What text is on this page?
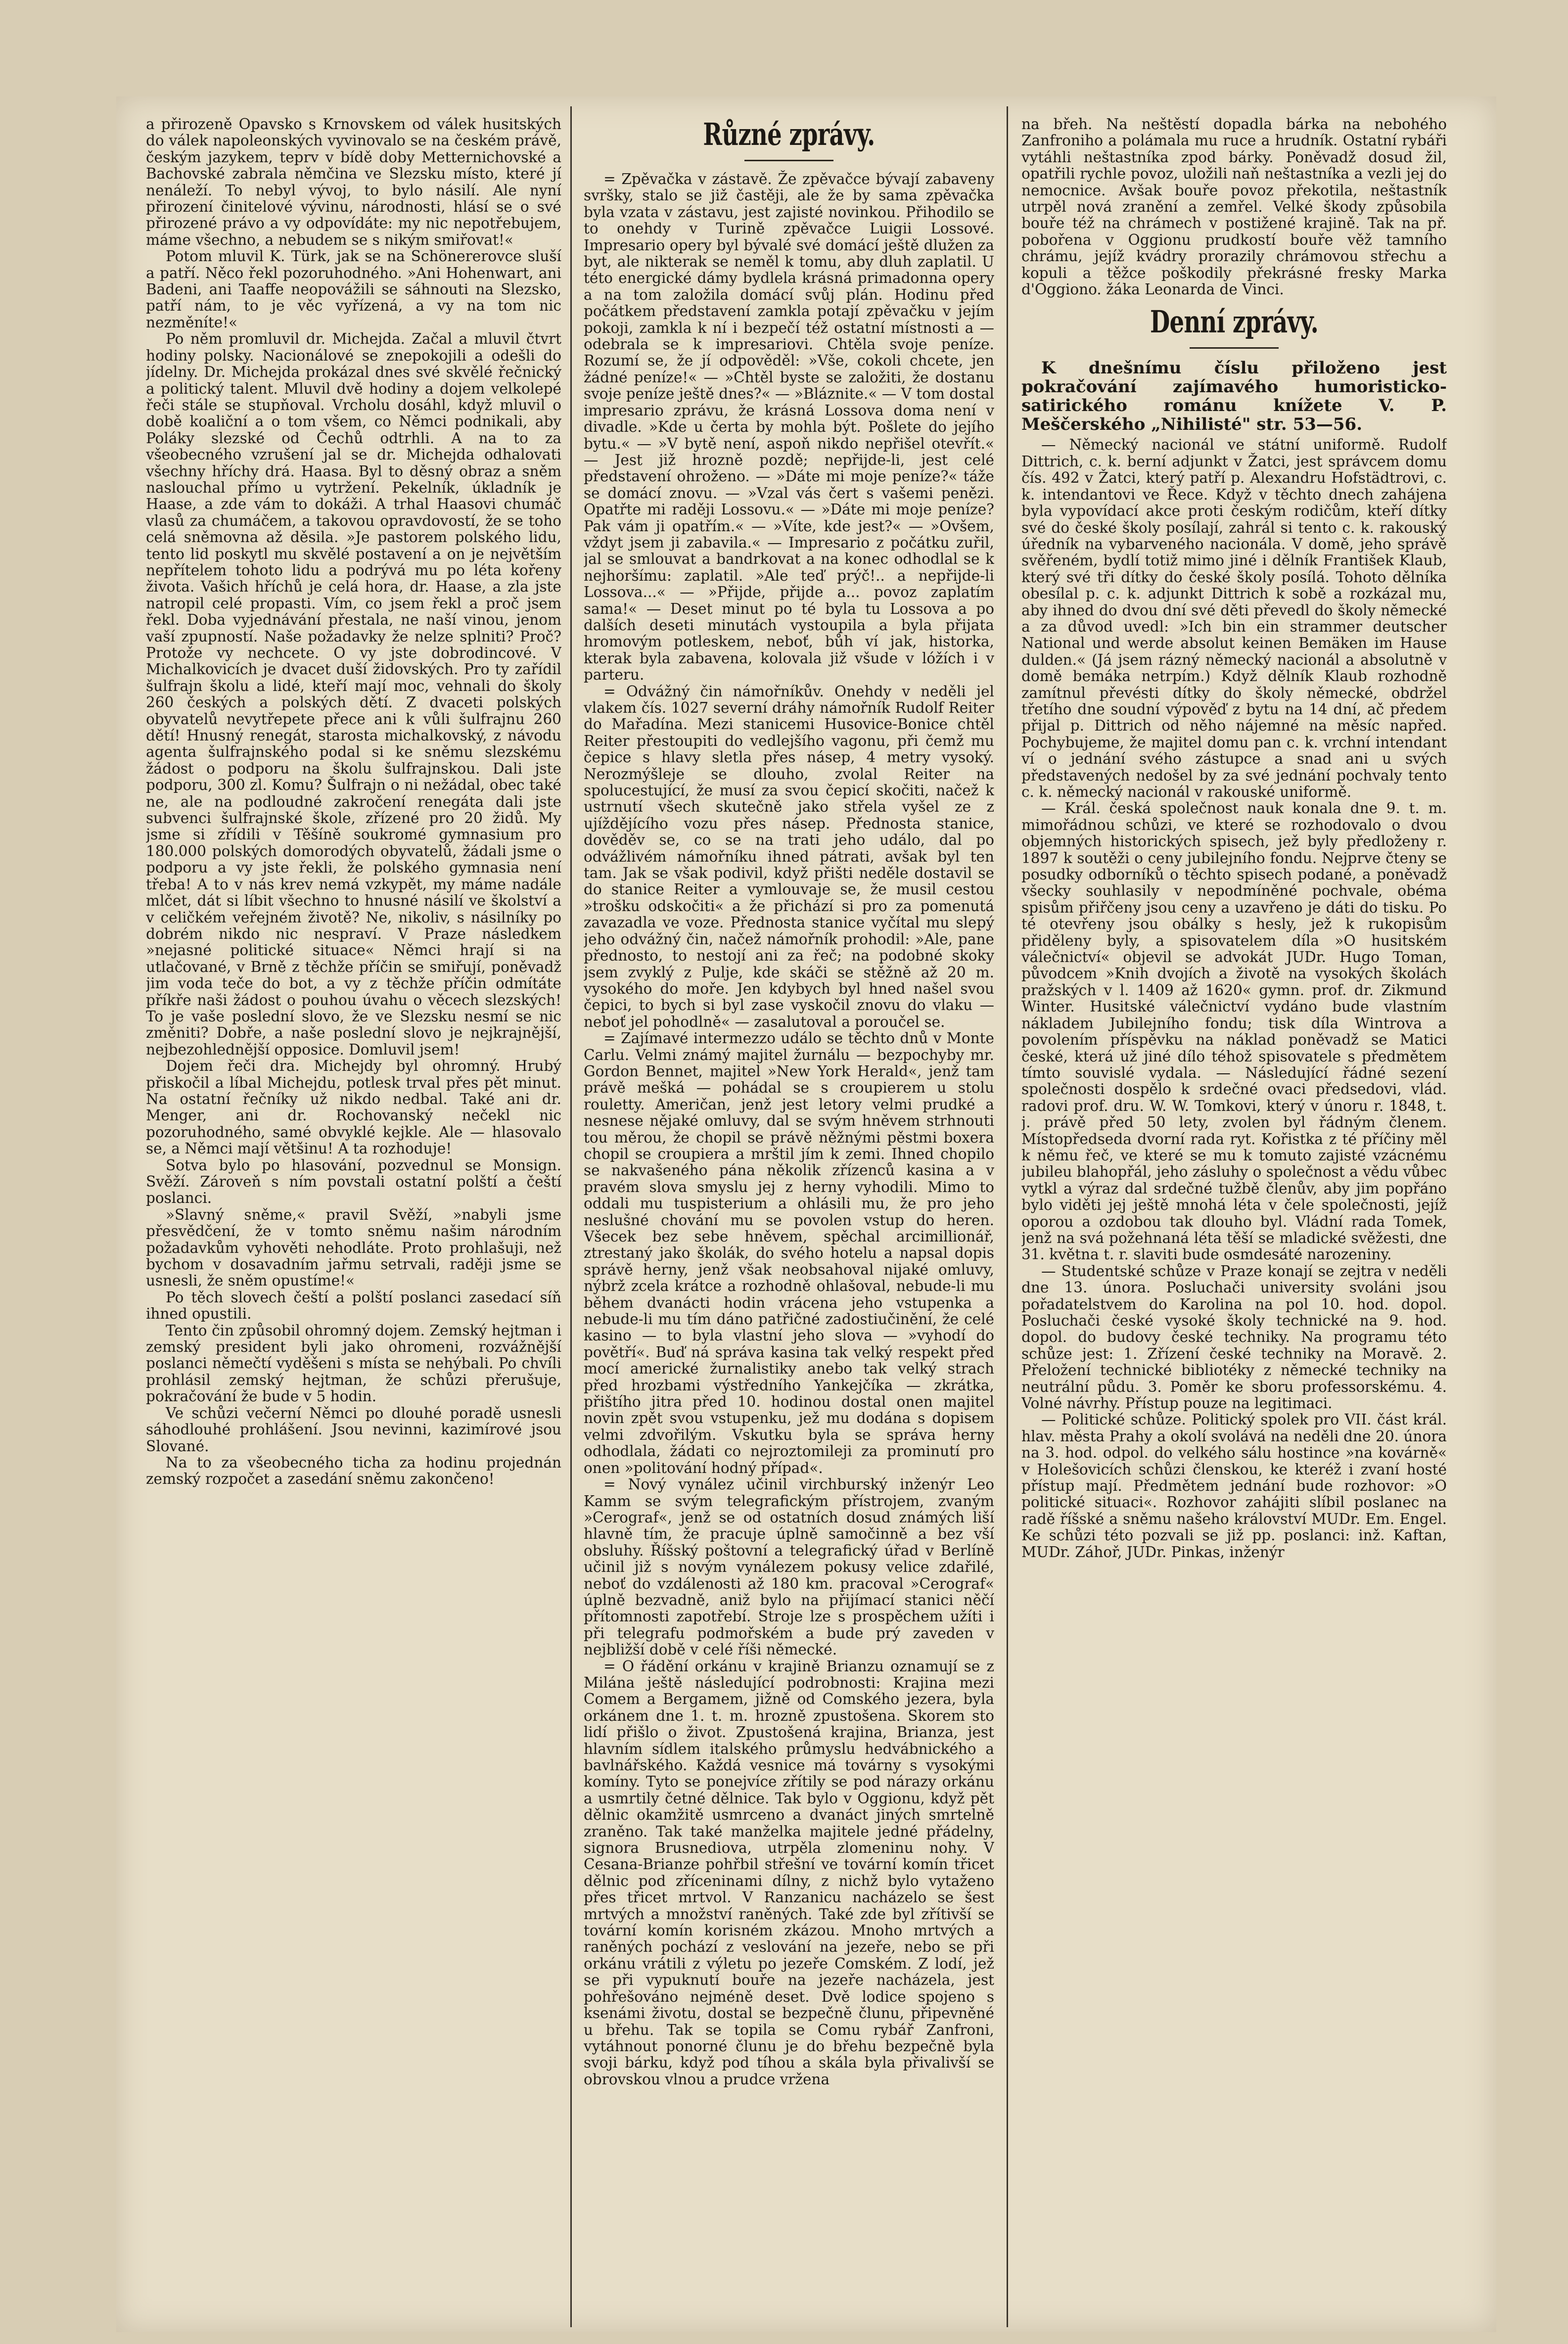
a přirozeně Opavsko s Krnovskem od válek husitských do válek napoleonských vyvinovalo se na českém právě, českým jazykem, teprv v bídě doby Metternichovské a Bachovské zabrala němčina ve Slezsku místo, které jí nenáleží. To nebyl vývoj, to bylo násilí. Ale nyní přirození činitelové vývinu, národnosti, hlásí se o své přirozené právo a vy odpovídáte: my nic nepotřebujem, máme všechno, a nebudem se s nikým smiřovat!«

Potom mluvil K. Türk, jak se na Schönererovce sluší a patří. Něco řekl pozoruhodného. »Ani Hohenwart, ani Badeni, ani Taaffe neopovážili se sáhnouti na Slezsko, patří nám, to je věc vyřízená, a vy na tom nic nezměníte!«

Po něm promluvil dr. Michejda. Začal a mluvil čtvrt hodiny polsky. Nacionálové se znepokojili a odešli do jídelny. Dr. Michejda prokázal dnes své skvělé řečnický a politický talent. Mluvil dvě hodiny a dojem velkolepé řeči stále se stupňoval. Vrcholu dosáhl, když mluvil o době koaliční a o tom všem, co Němci podnikali, aby Poláky slezské od Čechů odtrhli. A na to za všeobecného vzrušení jal se dr. Michejda odhalovati všechny hříchy drá. Haasa. Byl to děsný obraz a sněm naslouchal přímo u vytržení. Pekelník, úkladník je Haase, a zde vám to dokáži. A trhal Haasovi chumáč vlasů za chumáčem, a takovou opravdovostí, že se toho celá sněmovna až děsila. »Je pastorem polského lidu, tento lid poskytl mu skvělé postavení a on je největším nepřítelem tohoto lidu a podrývá mu po léta kořeny života. Vašich hříchů je celá hora, dr. Haase, a zla jste natropil celé propasti. Vím, co jsem řekl a proč jsem řekl. Doba vyjednávání přestala, ne naší vinou, jenom vaší zpupností. Naše požadavky že nelze splniti? Proč? Protože vy nechcete. O vy jste dobrodincové. V Michalkovicích je dvacet duší židovských. Pro ty zařídil šulfrajn školu a lidé, kteří mají moc, vehnali do školy 260 českých a polských dětí. Z dvaceti polských obyvatelů nevytřepete přece ani k vůli šulfrajnu 260 dětí! Hnusný renegát, starosta michalkovský, z návodu agenta šulfrajnského podal si ke sněmu slezskému žádost o podporu na školu šulfrajnskou. Dali jste podporu, 300 zl. Komu? Šulfrajn o ni nežádal, obec také ne, ale na podloudné zakročení renegáta dali jste subvenci šulfrajnské škole, zřízené pro 20 židů. My jsme si zřídili v Těšíně soukromé gymnasium pro 180.000 polských domorodých obyvatelů, žádali jsme o podporu a vy jste řekli, že polského gymnasia není třeba! A to v nás krev nemá vzkypět, my máme nadále mlčet, dát si líbit všechno to hnusné násilí ve školství a v celičkém veřejném životě? Ne, nikoliv, s násilníky po dobrém nikdo nic nespraví. V Praze následkem »nejasné politické situace« Němci hrají si na utlačované, v Brně z těchže příčin se smiřují, poněvadž jim voda teče do bot, a vy z těchže příčin odmítáte příkře naši žádost o pouhou úvahu o věcech slezských! To je vaše poslední slovo, že ve Slezsku nesmí se nic změniti? Dobře, a naše poslední slovo je nejkrajnější, nejbezohlednější opposice. Domluvil jsem!

Dojem řeči dra. Michejdy byl ohromný. Hrubý přiskočil a líbal Michejdu, potlesk trval přes pět minut. Na ostatní řečníky už nikdo nedbal. Také ani dr. Menger, ani dr. Rochovanský nečekl nic pozoruhodného, samé obvyklé kejkle. Ale — hlasovalo se, a Němci mají většinu! A ta rozhoduje!

Sotva bylo po hlasování, pozvednul se Monsign. Svěží. Zároveň s ním povstali ostatní polští a čeští poslanci.

»Slavný sněme,« pravil Svěží, »nabyli jsme přesvědčení, že v tomto sněmu našim národním požadavkům vyhověti nehodláte. Proto prohlašuji, než bychom v dosavadním jařmu setrvali, raději jsme se usnesli, že sněm opustíme!«

Po těch slovech čeští a polští poslanci zasedací síň ihned opustili.

Tento čin způsobil ohromný dojem. Zemský hejtman i zemský president byli jako ohromeni, rozvážnější poslanci němečtí vyděšeni s místa se nehýbali. Po chvíli prohlásil zemský hejtman, že schůzi přerušuje, pokračování že bude v 5 hodin.

Ve schůzi večerní Němci po dlouhé poradě usnesli sáhodlouhé prohlášení. Jsou nevinni, kazimírové jsou Slované.

Na to za všeobecného ticha za hodinu projednán zemský rozpočet a zasedání sněmu zakončeno!

Různé zprávy.

= Zpěvačka v zástavě. Že zpěvačce bývají zabaveny svršky, stalo se již častěji, ale že by sama zpěvačka byla vzata v zástavu, jest zajisté novinkou. Přihodilo se to onehdy v Turině zpěvačce Luigii Lossové. Impresario opery byl bývalé své domácí ještě dlužen za byt, ale nikterak se neměl k tomu, aby dluh zaplatil. U této energické dámy bydlela krásná primadonna opery a na tom založila domácí svůj plán. Hodinu před počátkem představení zamkla potají zpěvačku v jejím pokoji, zamkla k ní i bezpečí též ostatní místnosti a — odebrala se k impresariovi. Chtěla svoje peníze. Rozumí se, že jí odpověděl: »Vše, cokoli chcete, jen žádné peníze!« — »Chtěl byste se založiti, že dostanu svoje peníze ještě dnes?« — »Bláznite.« — V tom dostal impresario zprávu, že krásná Lossova doma není v divadle. »Kde u čerta by mohla být. Pošlete do jejího bytu.« — »V bytě není, aspoň nikdo nepřišel otevřít.« — Jest již hrozně pozdě; nepřijde-li, jest celé představení ohroženo. — »Dáte mi moje peníze?« táže se domácí znovu. — »Vzal vás čert s vašemi penězi. Opatřte mi raději Lossovu.« — »Dáte mi moje peníze? Pak vám ji opatřím.« — »Víte, kde jest?« — »Ovšem, vždyt jsem ji zabavila.« — Impresario z počátku zuřil, jal se smlouvat a bandrkovat a na konec odhodlal se k nejhoršímu: zaplatil. »Ale teď prýč!.. a nepřijde-li Lossova...« — »Přijde, přijde a... povoz zaplatím sama!« — Deset minut po té byla tu Lossova a po dalších deseti minutách vystoupila a byla přijata hromovým potleskem, neboť, bůh ví jak, historka, kterak byla zabavena, kolovala již všude v lóžích i v parteru.

= Odvážný čin námořníkův. Onehdy v neděli jel vlakem čís. 1027 severní dráhy námořník Rudolf Reiter do Mařadína. Mezi stanicemi Husovice-Bonice chtěl Reiter přestoupiti do vedlejšího vagonu, při čemž mu čepice s hlavy sletla přes násep, 4 metry vysoký. Nerozmýšleje se dlouho, zvolal Reiter na spolucestující, že musí za svou čepicí skočiti, načež k ustrnutí všech skutečně jako střela vyšel ze z ujíždějícího vozu přes násep. Přednosta stanice, dověděv se, co se na trati jeho událo, dal po odvážlivém námořníku ihned pátrati, avšak byl ten tam. Jak se však podivil, když přišti neděle dostavil se do stanice Reiter a vymlouvaje se, že musil cestou »trošku odskočiti« a že přichází si pro za pomenutá zavazadla ve voze. Přednosta stanice vyčítal mu slepý jeho odvážný čin, načež námořník prohodil: »Ale, pane přednosto, to nestojí ani za řeč; na podobné skoky jsem zvyklý z Pulje, kde skáči se stěžně až 20 m. vysokého do moře. Jen kdybych byl hned našel svou čepici, to bych si byl zase vyskočil znovu do vlaku — neboť jel pohodlně« — zasalutoval a poroučel se.

= Zajímavé intermezzo událo se těchto dnů v Monte Carlu. Velmi známý majitel žurnálu — bezpochyby mr. Gordon Bennet, majitel »New York Herald«, jenž tam právě mešká — pohádal se s croupierem u stolu rouletty. Američan, jenž jest letory velmi prudké a nesnese nějaké omluvy, dal se svým hněvem strhnouti tou měrou, že chopil se právě něžnými pěstmi boxera chopil se croupiera a mrštil jím k zemi. Ihned chopilo se nakvašeného pána několik zřízenců kasina a v pravém slova smyslu jej z herny vyhodili. Mimo to oddali mu tuspisterium a ohlásili mu, že pro jeho neslušné chování mu se povolen vstup do heren. Všecek bez sebe hněvem, spěchal arcimillionář, ztrestaný jako školák, do svého hotelu a napsal dopis správě herny, jenž však neobsahoval nijaké omluvy, nýbrž zcela krátce a rozhodně ohlašoval, nebude-li mu během dvanácti hodin vrácena jeho vstupenka a nebude-li mu tím dáno patřičné zadostiučinění, že celé kasino — to byla vlastní jeho slova — »vyhodí do povětří«. Buď ná správa kasina tak velký respekt před mocí americké žurnalistiky anebo tak velký strach před hrozbami výstředního Yankejčíka — zkrátka, přištího jitra před 10. hodinou dostal onen majitel novin zpět svou vstupenku, jež mu dodána s dopisem velmi zdvořilým. Vskutku byla se správa herny odhodlala, žádati co nejroztomileji za prominutí pro onen »politování hodný případ«.

= Nový vynález učinil virchburský inženýr Leo Kamm se svým telegrafickým přístrojem, zvaným »Cerograf«, jenž se od ostatních dosud známých liší hlavně tím, že pracuje úplně samočinně a bez vší obsluhy. Říšský poštovní a telegrafický úřad v Berlíně učinil již s novým vynálezem pokusy velice zdařilé, neboť do vzdálenosti až 180 km. pracoval »Cerograf« úplně bezvadně, aniž bylo na přijímací stanici něčí přítomnosti zapotřebí. Stroje lze s prospěchem užíti i při telegrafu podmořském a bude prý zaveden v nejbližší době v celé říši německé.

= O řádění orkánu v krajině Brianzu oznamují se z Milána ještě následující podrobnosti: Krajina mezi Comem a Bergamem, jižně od Comského jezera, byla orkánem dne 1. t. m. hrozně zpustošena. Skorem sto lidí přišlo o život. Zpustošená krajina, Brianza, jest hlavním sídlem italského průmyslu hedvábnického a bavlnářského. Každá vesnice má továrny s vysokými komíny. Tyto se ponejvíce zřítily se pod nárazy orkánu a usmrtily četné dělnice. Tak bylo v Oggionu, když pět dělnic okamžitě usmrceno a dvanáct jiných smrtelně zraněno. Tak také manželka majitele jedné přádelny, signora Brusnediova, utrpěla zlomeninu nohy. V Cesana-Brianze pohřbil střešní ve tovární komín třicet dělnic pod zříceninami dílny, z nichž bylo vytaženo přes třicet mrtvol. V Ranzanicu nacházelo se šest mrtvých a množství raněných. Také zde byl zřítivší se tovární komín korisném zkázou. Mnoho mrtvých a raněných pochází z veslování na jezeře, nebo se při orkánu vrátili z výletu po jezeře Comském. Z lodí, jež se při vypuknutí bouře na jezeře nacházela, jest pohřešováno nejméně deset. Dvě lodice spojeno s ksenámi životu, dostal se bezpečně člunu, připevněné u břehu. Tak se topila se Comu rybář Zanfroni, vytáhnout ponorné člunu je do břehu bezpečně byla svoji bárku, když pod tíhou a skála byla přivalivší se obrovskou vlnou a prudce vržena

na břeh. Na neštěstí dopadla bárka na nebohého Zanfroniho a polámala mu ruce a hrudník. Ostatní rybáři vytáhli neštastníka zpod bárky. Poněvadž dosud žil, opatřili rychle povoz, uložili naň neštastníka a vezli jej do nemocnice. Avšak bouře povoz překotila, neštastník utrpěl nová zranění a zemřel. Velké škody způsobila bouře též na chrámech v postižené krajině. Tak na př. pobořena v Oggionu prudkostí bouře věž tamního chrámu, jejíž kvádry prorazily chrámovou střechu a kopuli a těžce poškodily překrásné fresky Marka d'Oggiono. žáka Leonarda de Vinci.

Denní zprávy.

K dnešnímu číslu přiloženo jest pokračování zajímavého humoristicko-satirického románu knížete V. P. Meščerského „Nihilisté" str. 53—56.

— Německý nacionál ve státní uniformě. Rudolf Dittrich, c. k. berní adjunkt v Žatci, jest správcem domu čís. 492 v Žatci, který patří p. Alexandru Hofstädtrovi, c. k. intendantovi ve Řece. Když v těchto dnech zahájena byla vypovídací akce proti českým rodičům, kteří dítky své do české školy posílají, zahrál si tento c. k. rakouský úředník na vybarveného nacionála. V domě, jeho správě svěřeném, bydlí totiž mimo jiné i dělník František Klaub, který své tři dítky do české školy posílá. Tohoto dělníka obesílal p. c. k. adjunkt Dittrich k sobě a rozkázal mu, aby ihned do dvou dní své děti převedl do školy německé a za důvod uvedl: »Ich bin ein strammer deutscher National und werde absolut keinen Bemäken im Hause dulden.« (Já jsem rázný německý nacionál a absolutně v domě bemáka netrpím.) Když dělník Klaub rozhodně zamítnul převésti dítky do školy německé, obdržel třetího dne soudní výpověď z bytu na 14 dní, ač předem přijal p. Dittrich od něho nájemné na měsíc napřed. Pochybujeme, že majitel domu pan c. k. vrchní intendant ví o jednání svého zástupce a snad ani u svých představených nedošel by za své jednání pochvaly tento c. k. německý nacionál v rakouské uniformě.

— Král. česká společnost nauk konala dne 9. t. m. mimořádnou schůzi, ve které se rozhodovalo o dvou objemných historických spisech, jež byly předloženy r. 1897 k soutěži o ceny jubilejního fondu. Nejprve čteny se posudky odborníků o těchto spisech podané, a poněvadž všecky souhlasily v nepodmíněné pochvale, obéma spisům přiřčeny jsou ceny a uzavřeno je dáti do tisku. Po té otevřeny jsou obálky s hesly, jež k rukopisům přiděleny byly, a spisovatelem díla »O husitském válečnictví« objevil se advokát JUDr. Hugo Toman, původcem »Knih dvojích a životě na vysokých školách pražských v l. 1409 až 1620« gymn. prof. dr. Zikmund Winter. Husitské válečnictví vydáno bude vlastním nákladem Jubilejního fondu; tisk díla Wintrova a povolením příspěvku na náklad poněvadž se Matici české, která už jiné dílo téhož spisovatele s předmětem tímto souvislé vydala. — Následující řádné sezení společnosti dospělo k srdečné ovaci předsedovi, vlád. radovi prof. dru. W. W. Tomkovi, který v únoru r. 1848, t. j. právě před 50 lety, zvolen byl řádným členem. Místopředseda dvorní rada ryt. Kořistka z té příčiny měl k němu řeč, ve které se mu k tomuto zajisté vzácnému jubileu blahopřál, jeho zásluhy o společnost a vědu vůbec vytkl a výraz dal srdečné tužbě členův, aby jim popřáno bylo viděti jej ještě mnohá léta v čele společnosti, jejíž oporou a ozdobou tak dlouho byl. Vládní rada Tomek, jenž na svá požehnaná léta těší se mladické svěžesti, dne 31. května t. r. slaviti bude osmdesáté narozeniny.

— Studentské schůze v Praze konají se zejtra v neděli dne 13. února. Posluchači university svoláni jsou pořadatelstvem do Karolina na pol 10. hod. dopol. Posluchači české vysoké školy technické na 9. hod. dopol. do budovy české techniky. Na programu této schůze jest: 1. Zřízení české techniky na Moravě. 2. Přeložení technické bibliotéky z německé techniky na neutrální půdu. 3. Poměr ke sboru professorskému. 4. Volné návrhy. Přístup pouze na legitimaci.

— Politické schůze. Politický spolek pro VII. část král. hlav. města Prahy a okolí svolává na neděli dne 20. února na 3. hod. odpol. do velkého sálu hostince »na kovárně« v Holešovicích schůzi členskou, ke kteréž i zvaní hosté přístup mají. Předmětem jednání bude rozhovor: »O politické situaci«. Rozhovor zahájiti slíbil poslanec na radě říšské a sněmu našeho království MUDr. Em. Engel. Ke schůzi této pozvali se již pp. poslanci: inž. Kaftan, MUDr. Záhoř, JUDr. Pinkas, inženýr
